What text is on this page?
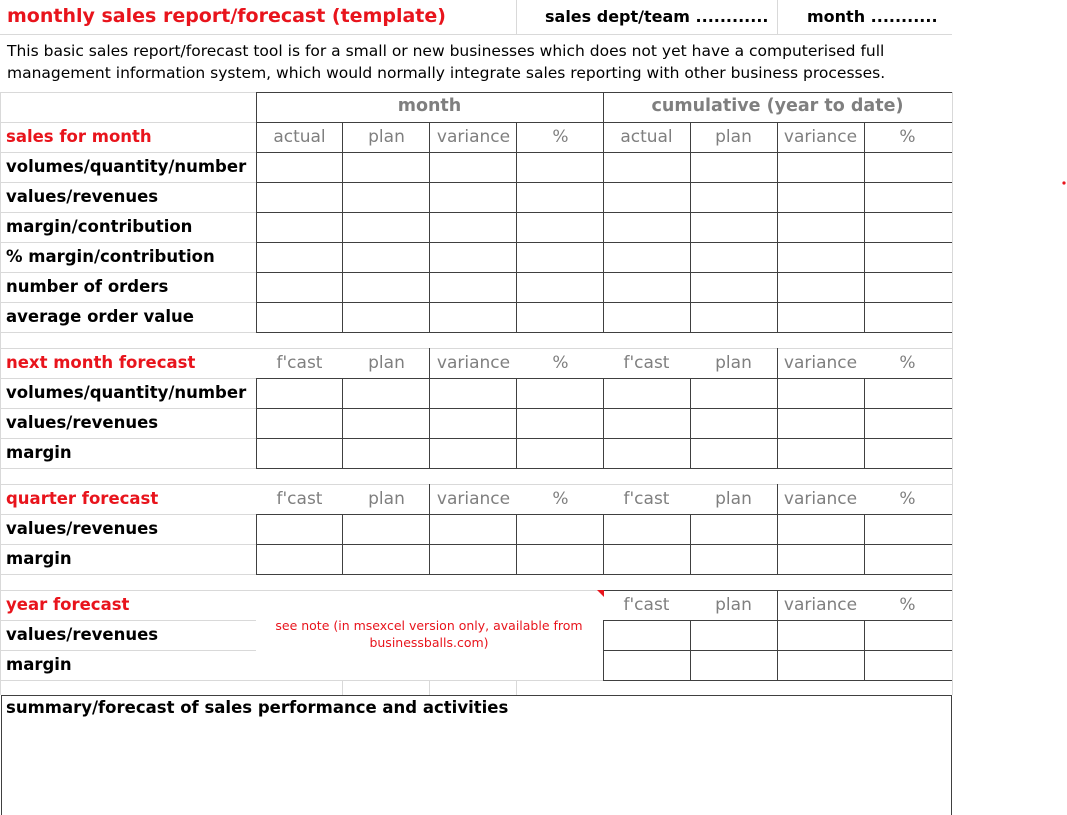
monthly sales report/forecast (template)	sales dept/team ............ month ...........
This basic sales report/forecast tool is for a small or new businesses which does not yet have a computerised full management information system, which would normally integrate sales reporting with other business processes.
month	cumulative (year to date)
sales for month	actual	plan	variance	%	actual	plan	variance	%
volumes/quantity/number
values/revenues
margin/contribution
% margin/contribution
number of orders
average order value
next month forecast	f'cast	plan	variance	%	f'cast	plan	variance	%
volumes/quantity/number
values/revenues
margin
quarter forecast	f'cast	plan	variance	%	f'cast	plan	variance	%
values/revenues
margin
year forecast	f'cast	plan	variance	%
values/revenues
margin
see note (in msexcel version only, available from businessballs.com)
summary/forecast of sales performance and activities
